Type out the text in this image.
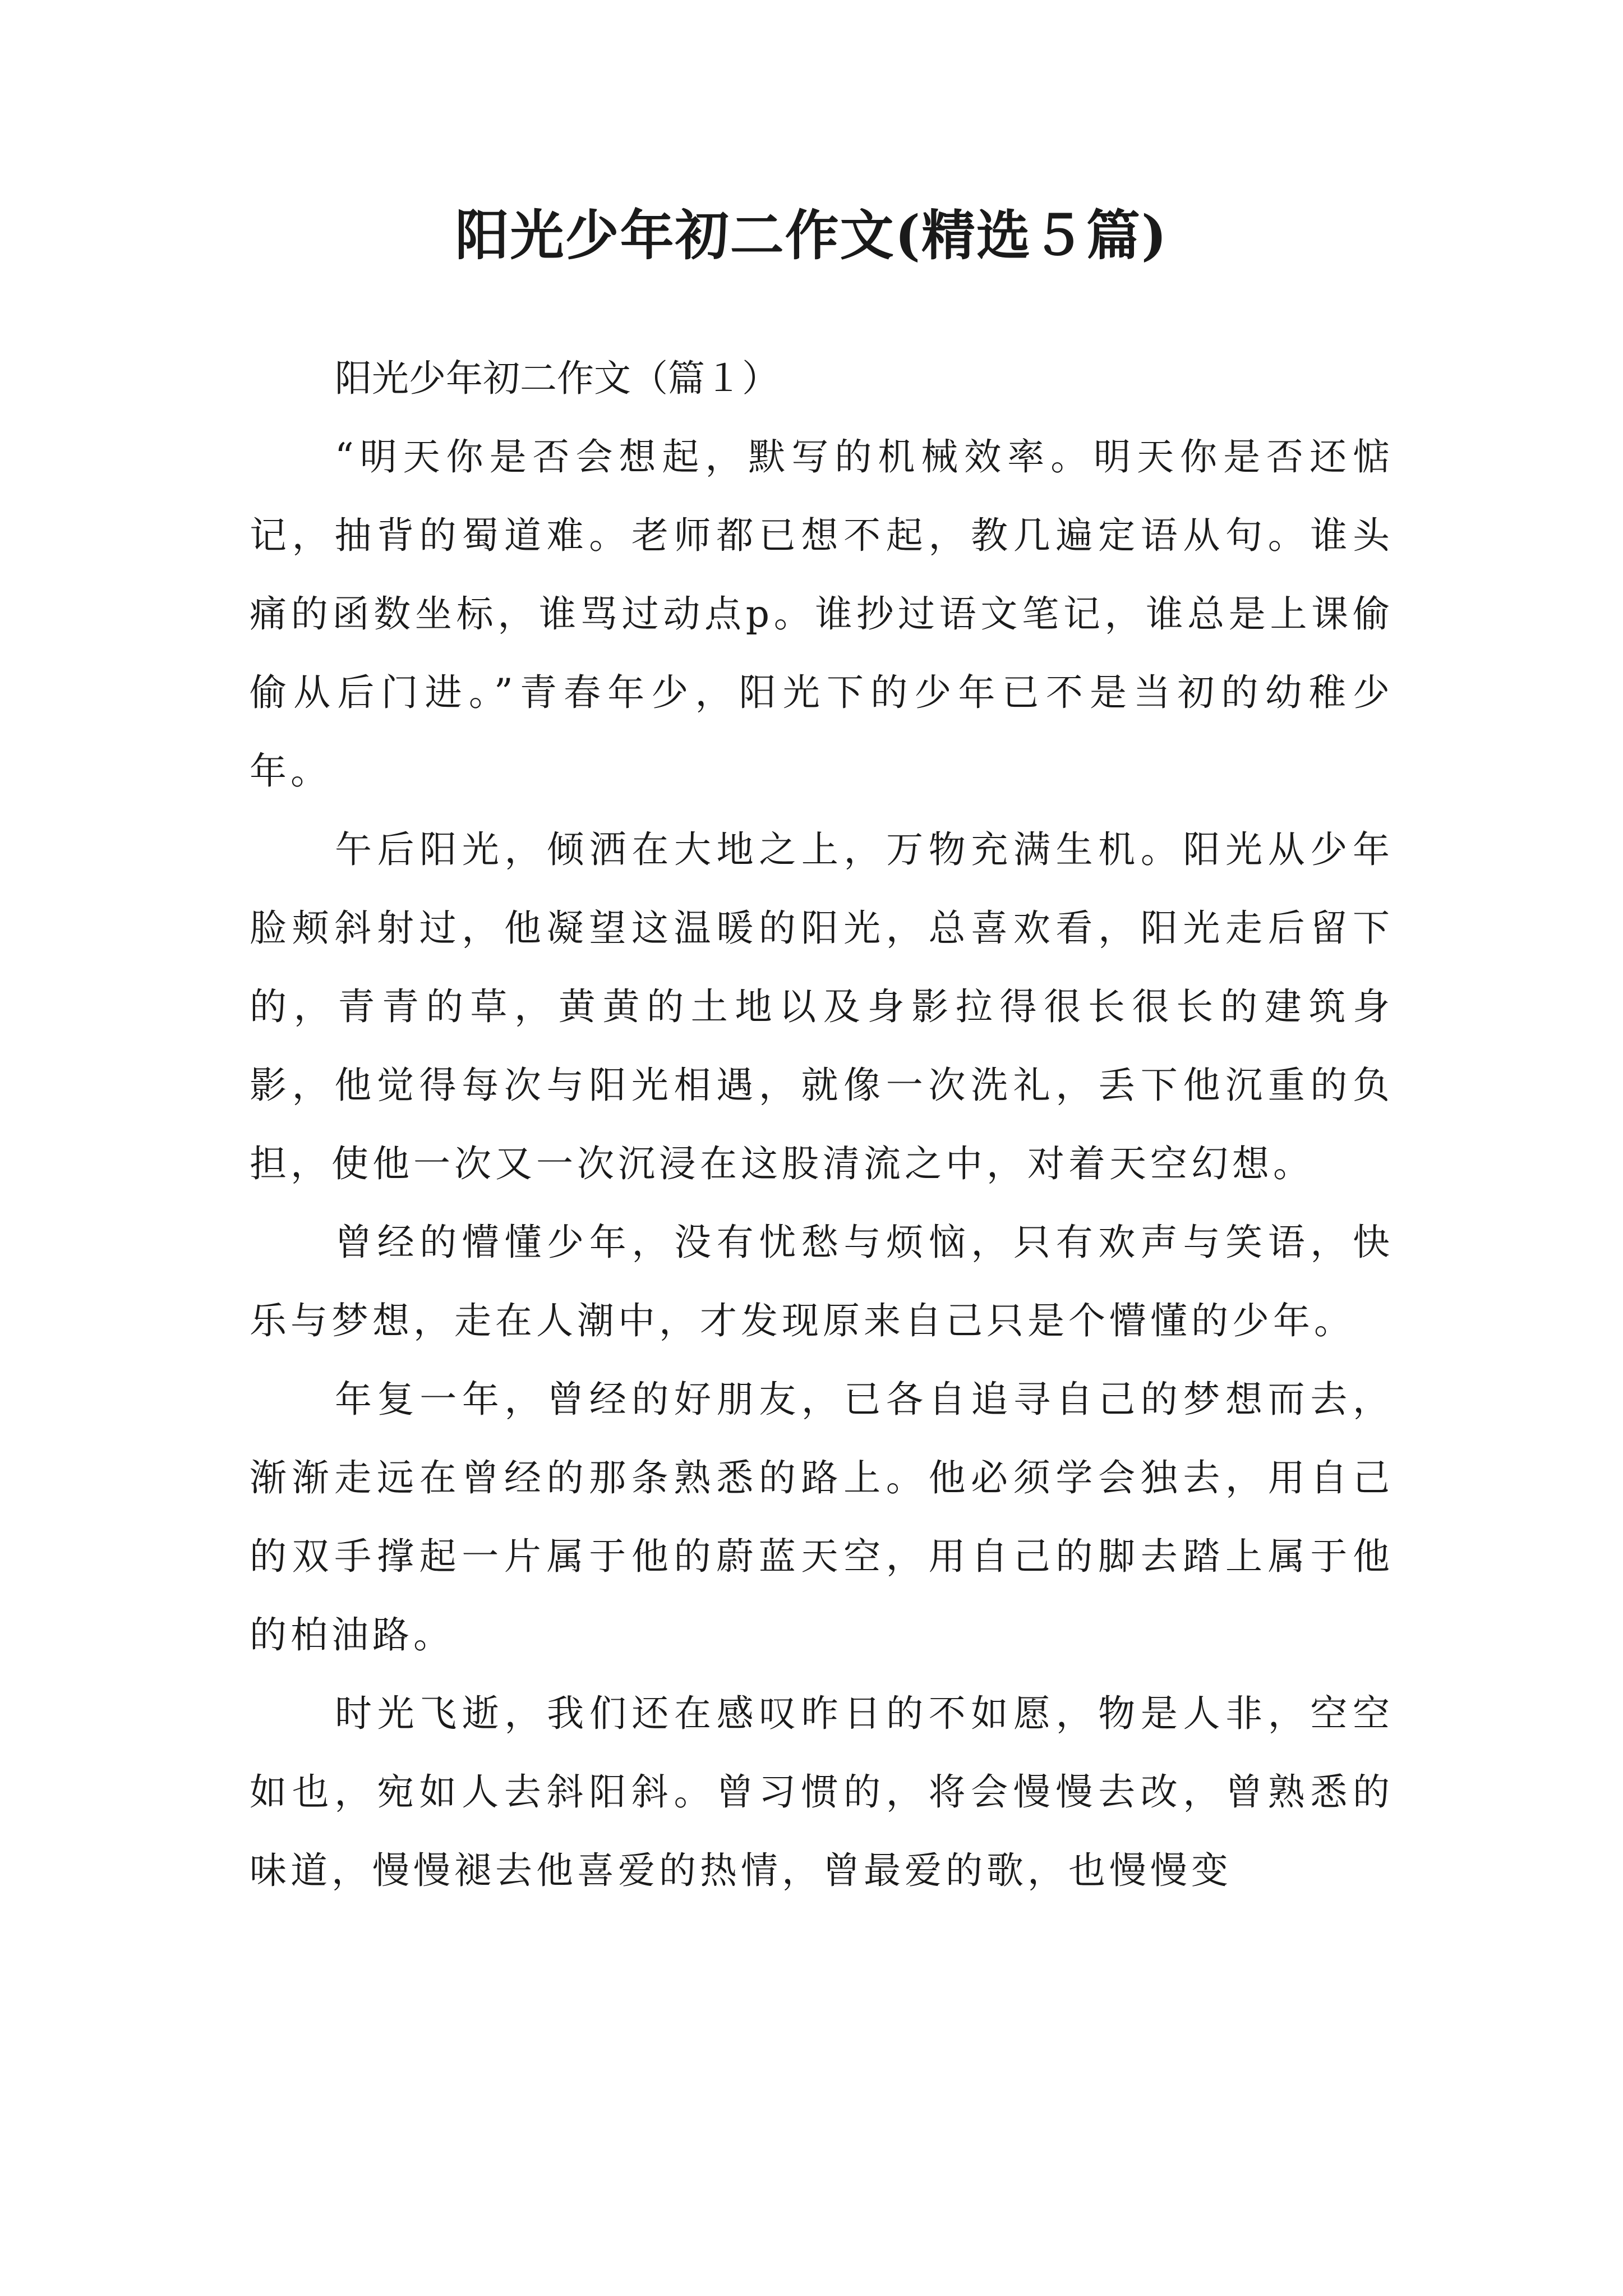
阳光少年初二作文(精选５篇)

阳光少年初二作文（篇１）

“明天你是否会想起，默写的机械效率。明天你是否还惦记，抽背的蜀道难。老师都已想不起，教几遍定语从句。谁头痛的函数坐标，谁骂过动点p。谁抄过语文笔记，谁总是上课偷偷从后门进。”青春年少，阳光下的少年已不是当初的幼稚少年。

午后阳光，倾洒在大地之上，万物充满生机。阳光从少年脸颊斜射过，他凝望这温暖的阳光，总喜欢看，阳光走后留下的，青青的草，黄黄的土地以及身影拉得很长很长的建筑身影，他觉得每次与阳光相遇，就像一次洗礼，丢下他沉重的负担，使他一次又一次沉浸在这股清流之中，对着天空幻想。

曾经的懵懂少年，没有忧愁与烦恼，只有欢声与笑语，快乐与梦想，走在人潮中，才发现原来自己只是个懵懂的少年。

年复一年，曾经的好朋友，已各自追寻自己的梦想而去，渐渐走远在曾经的那条熟悉的路上。他必须学会独去，用自己的双手撑起一片属于他的蔚蓝天空，用自己的脚去踏上属于他的柏油路。

时光飞逝，我们还在感叹昨日的不如愿，物是人非，空空如也，宛如人去斜阳斜。曾习惯的，将会慢慢去改，曾熟悉的味道，慢慢褪去他喜爱的热情，曾最爱的歌，也慢慢变
